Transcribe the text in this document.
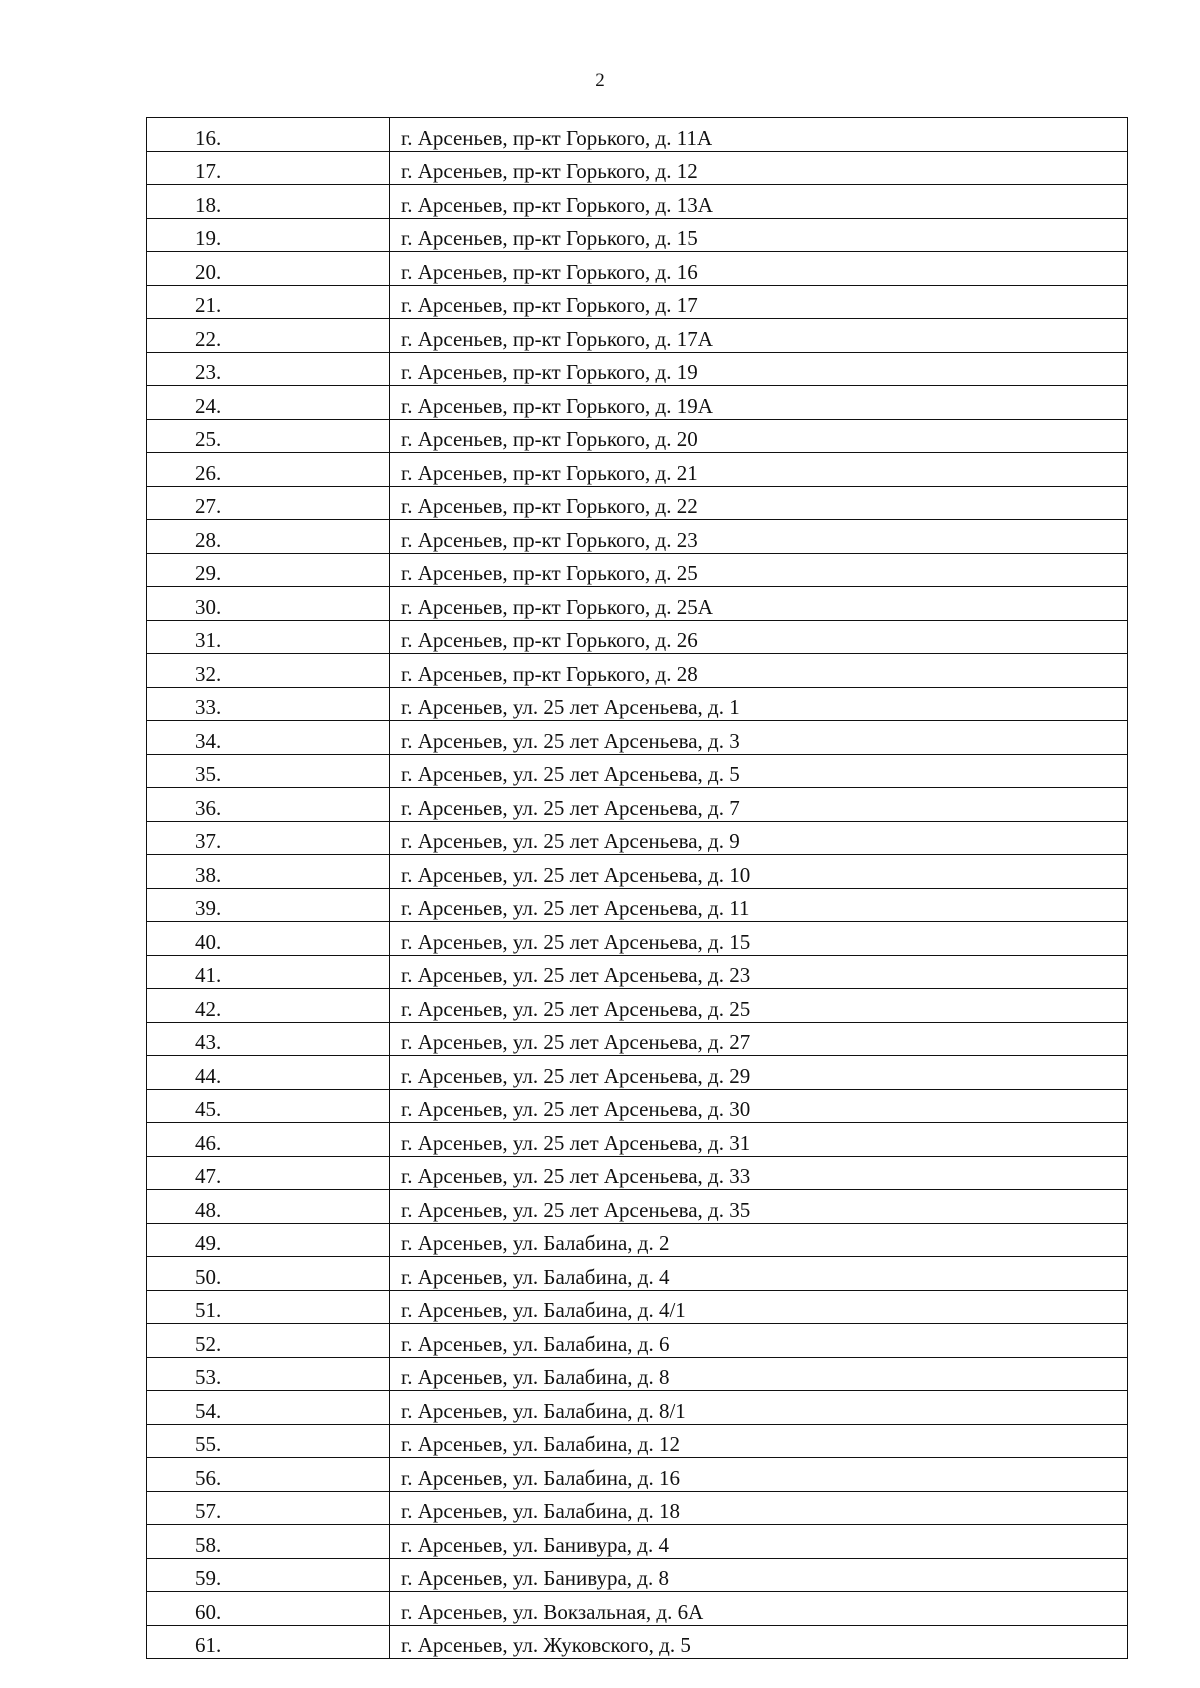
2
16.	г. Арсеньев, пр-кт Горького, д. 11А
17.	г. Арсеньев, пр-кт Горького, д. 12
18.	г. Арсеньев, пр-кт Горького, д. 13А
19.	г. Арсеньев, пр-кт Горького, д. 15
20.	г. Арсеньев, пр-кт Горького, д. 16
21.	г. Арсеньев, пр-кт Горького, д. 17
22.	г. Арсеньев, пр-кт Горького, д. 17А
23.	г. Арсеньев, пр-кт Горького, д. 19
24.	г. Арсеньев, пр-кт Горького, д. 19А
25.	г. Арсеньев, пр-кт Горького, д. 20
26.	г. Арсеньев, пр-кт Горького, д. 21
27.	г. Арсеньев, пр-кт Горького, д. 22
28.	г. Арсеньев, пр-кт Горького, д. 23
29.	г. Арсеньев, пр-кт Горького, д. 25
30.	г. Арсеньев, пр-кт Горького, д. 25А
31.	г. Арсеньев, пр-кт Горького, д. 26
32.	г. Арсеньев, пр-кт Горького, д. 28
33.	г. Арсеньев, ул. 25 лет Арсеньева, д. 1
34.	г. Арсеньев, ул. 25 лет Арсеньева, д. 3
35.	г. Арсеньев, ул. 25 лет Арсеньева, д. 5
36.	г. Арсеньев, ул. 25 лет Арсеньева, д. 7
37.	г. Арсеньев, ул. 25 лет Арсеньева, д. 9
38.	г. Арсеньев, ул. 25 лет Арсеньева, д. 10
39.	г. Арсеньев, ул. 25 лет Арсеньева, д. 11
40.	г. Арсеньев, ул. 25 лет Арсеньева, д. 15
41.	г. Арсеньев, ул. 25 лет Арсеньева, д. 23
42.	г. Арсеньев, ул. 25 лет Арсеньева, д. 25
43.	г. Арсеньев, ул. 25 лет Арсеньева, д. 27
44.	г. Арсеньев, ул. 25 лет Арсеньева, д. 29
45.	г. Арсеньев, ул. 25 лет Арсеньева, д. 30
46.	г. Арсеньев, ул. 25 лет Арсеньева, д. 31
47.	г. Арсеньев, ул. 25 лет Арсеньева, д. 33
48.	г. Арсеньев, ул. 25 лет Арсеньева, д. 35
49.	г. Арсеньев, ул. Балабина, д. 2
50.	г. Арсеньев, ул. Балабина, д. 4
51.	г. Арсеньев, ул. Балабина, д. 4/1
52.	г. Арсеньев, ул. Балабина, д. 6
53.	г. Арсеньев, ул. Балабина, д. 8
54.	г. Арсеньев, ул. Балабина, д. 8/1
55.	г. Арсеньев, ул. Балабина, д. 12
56.	г. Арсеньев, ул. Балабина, д. 16
57.	г. Арсеньев, ул. Балабина, д. 18
58.	г. Арсеньев, ул. Банивура, д. 4
59.	г. Арсеньев, ул. Банивура, д. 8
60.	г. Арсеньев, ул. Вокзальная, д. 6А
61.	г. Арсеньев, ул. Жуковского, д. 5
